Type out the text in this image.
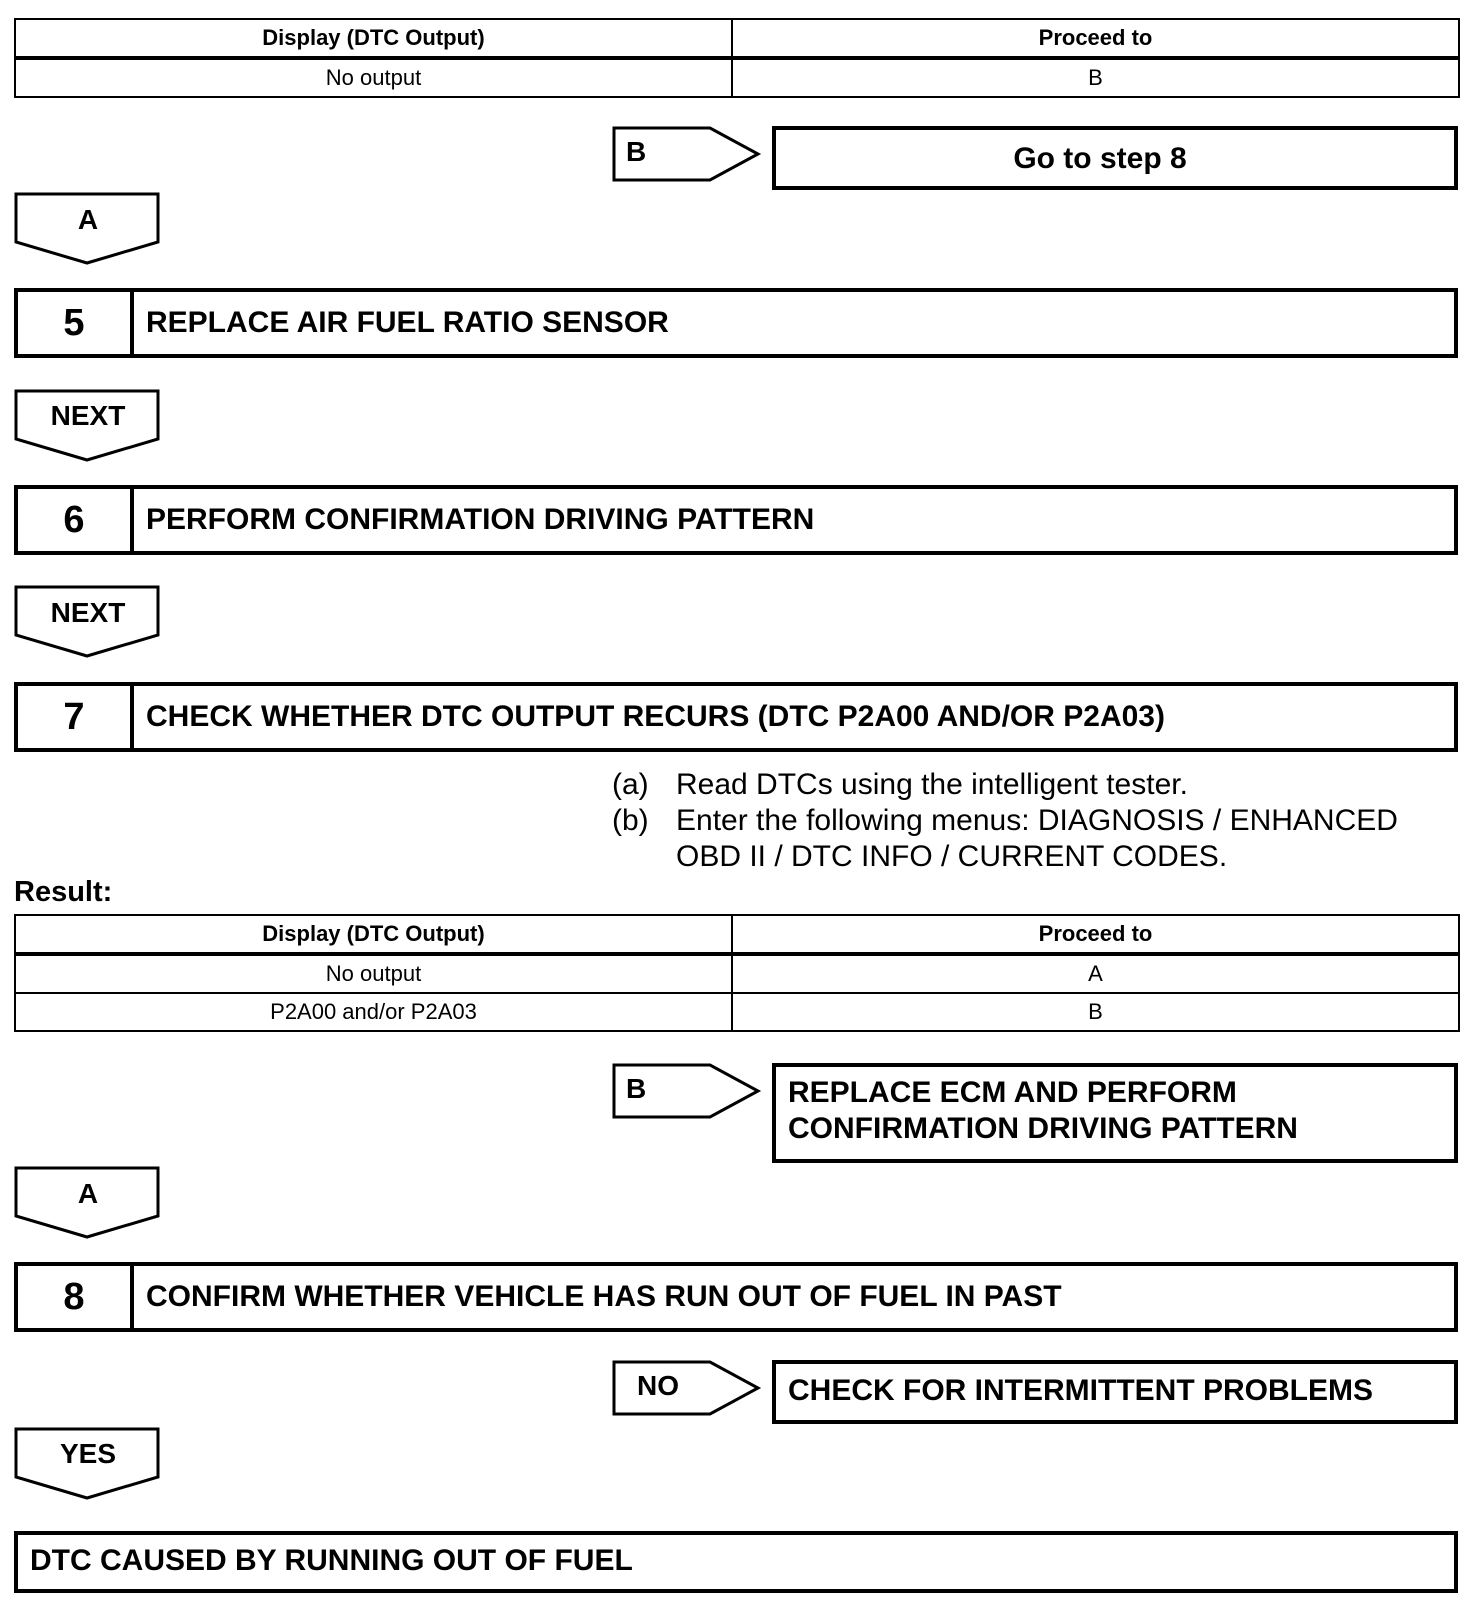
Display (DTC Output)	Proceed to
No output	B
B	Go to step 8
A
5	REPLACE AIR FUEL RATIO SENSOR
NEXT
6	PERFORM CONFIRMATION DRIVING PATTERN
NEXT
7	CHECK WHETHER DTC OUTPUT RECURS (DTC P2A00 AND/OR P2A03)
(a) Read DTCs using the intelligent tester.
(b) Enter the following menus: DIAGNOSIS / ENHANCED
OBD II / DTC INFO / CURRENT CODES.
Result:
Display (DTC Output)	Proceed to
No output	A
P2A00 and/or P2A03	B
B	REPLACE ECM AND PERFORM
CONFIRMATION DRIVING PATTERN
A
8	CONFIRM WHETHER VEHICLE HAS RUN OUT OF FUEL IN PAST
NO	CHECK FOR INTERMITTENT PROBLEMS
YES
DTC CAUSED BY RUNNING OUT OF FUEL
